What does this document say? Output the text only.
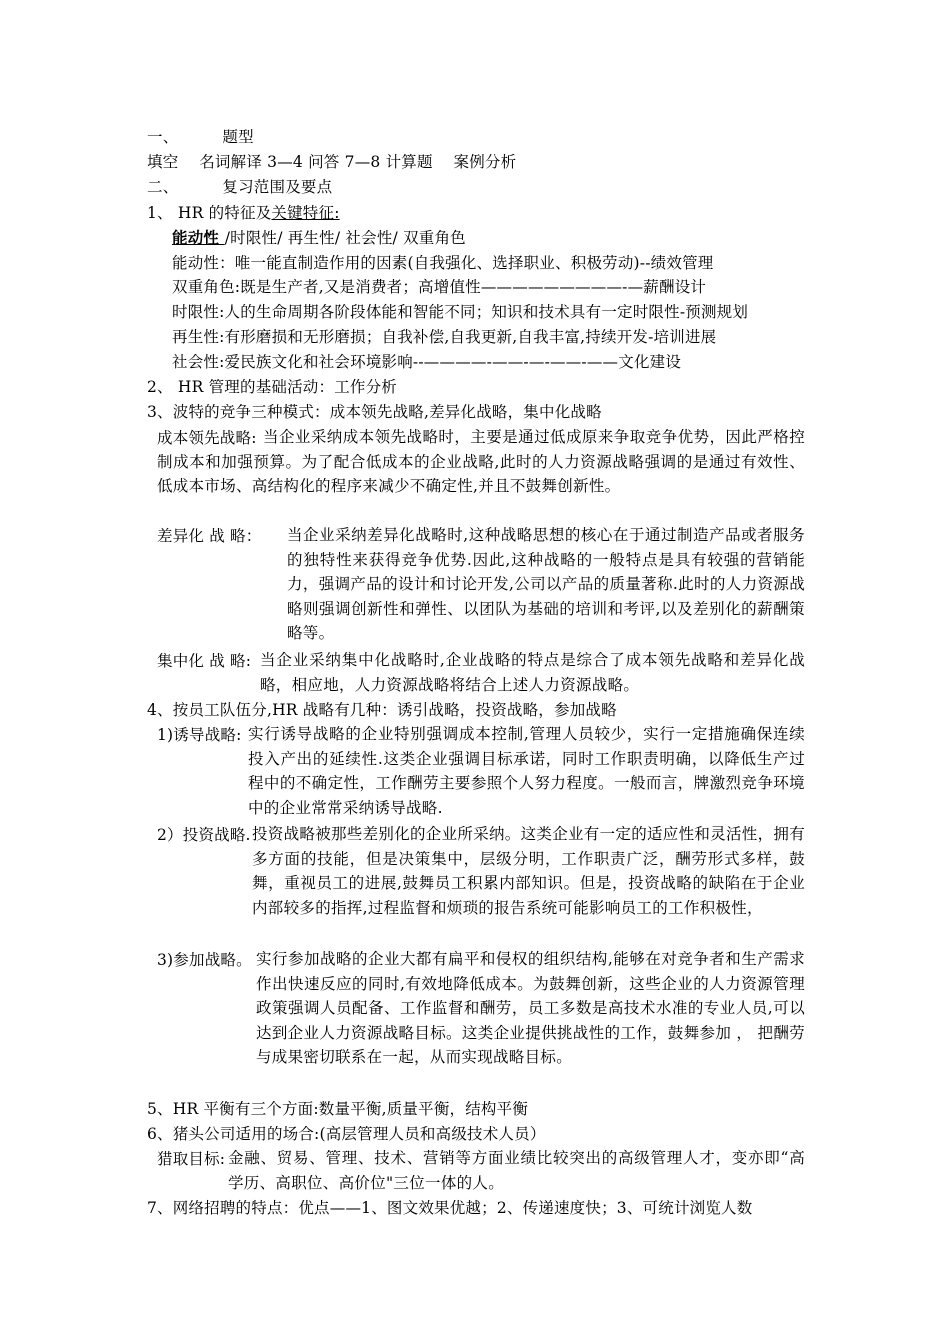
一、	题型
填空　 名词解译 3—4 问答 7—8 计算题　 案例分析
二、	复习范围及要点
1、 HR 的特征及关键特征:
能动性 /时限性/ 再生性/ 社会性/ 双重角色
能动性：唯一能直制造作用的因素(自我强化、选择职业、积极劳动)--绩效管理
双重角色:既是生产者,又是消费者；高增值性—————————-—薪酬设计
时限性:人的生命周期各阶段体能和智能不同；知识和技术具有一定时限性-预测规划
再生性:有形磨损和无形磨损；自我补偿,自我更新,自我丰富,持续开发-培训进展
社会性:爱民族文化和社会环境影响--————-——-—-——-——文化建设
2、 HR 管理的基础活动：工作分析
3、波特的竞争三种模式：成本领先战略,差异化战略，集中化战略
成本领先战略: 当企业采纳成本领先战略时，主要是通过低成原来争取竞争优势，因此严格控制成本和加强预算。为了配合低成本的企业战略,此时的人力资源战略强调的是通过有效性、低成本市场、高结构化的程序来减少不确定性,并且不鼓舞创新性。
差异化 战 略： 当企业采纳差异化战略时,这种战略思想的核心在于通过制造产品或者服务的独特性来获得竞争优势.因此,这种战略的一般特点是具有较强的营销能力，强调产品的设计和讨论开发,公司以产品的质量著称.此时的人力资源战略则强调创新性和弹性、以团队为基础的培训和考评,以及差别化的薪酬策略等。
集中化 战 略: 当企业采纳集中化战略时,企业战略的特点是综合了成本领先战略和差异化战略，相应地，人力资源战略将结合上述人力资源战略。
4、按员工队伍分,HR 战略有几种：诱引战略，投资战略，参加战略
1)诱导战略: 实行诱导战略的企业特别强调成本控制,管理人员较少，实行一定措施确保连续投入产出的延续性.这类企业强调目标承诺，同时工作职责明确，以降低生产过程中的不确定性，工作酬劳主要参照个人努力程度。一般而言，牌激烈竞争环境中的企业常常采纳诱导战略.
2）投资战略. 投资战略被那些差别化的企业所采纳。这类企业有一定的适应性和灵活性，拥有多方面的技能，但是决策集中，层级分明，工作职责广泛，酬劳形式多样，鼓舞，重视员工的进展,鼓舞员工积累内部知识。但是，投资战略的缺陷在于企业内部较多的指挥,过程监督和烦琐的报告系统可能影响员工的工作积极性，
3)参加战略。 实行参加战略的企业大都有扁平和侵权的组织结构,能够在对竞争者和生产需求作出快速反应的同时,有效地降低成本。为鼓舞创新，这些企业的人力资源管理政策强调人员配备、工作监督和酬劳，员工多数是高技术水准的专业人员,可以达到企业人力资源战略目标。这类企业提供挑战性的工作，鼓舞参加 ， 把酬劳与成果密切联系在一起，从而实现战略目标。
5、HR 平衡有三个方面:数量平衡,质量平衡，结构平衡
6、猪头公司适用的场合:(高层管理人员和高级技术人员）
猎取目标: 金融、贸易、管理、技术、营销等方面业绩比较突出的高级管理人才，变亦即“高学历、高职位、高价位"三位一体的人。
7、网络招聘的特点：优点——1、图文效果优越；2、传递速度快；3、可统计浏览人数
